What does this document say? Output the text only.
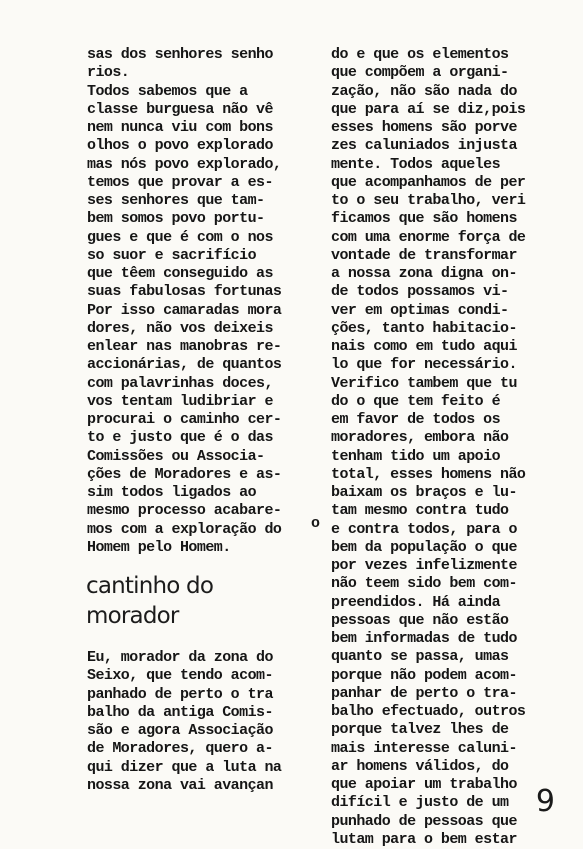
sas dos senhores senho
rios.
Todos sabemos que a
classe burguesa não vê
nem nunca viu com bons
olhos o povo explorado
mas nós povo explorado,
temos que provar a es-
ses senhores que tam-
bem somos povo portu-
gues e que é com o nos
so suor e sacrifício
que têem conseguido as
suas fabulosas fortunas
Por isso camaradas mora
dores, não vos deixeis
enlear nas manobras re-
accionárias, de quantos
com palavrinhas doces,
vos tentam ludibriar e
procurai o caminho cer-
to e justo que é o das
Comissões ou Associa-
ções de Moradores e as-
sim todos ligados ao
mesmo processo acabare-
mos com a exploração do
Homem pelo Homem.
o
cantinho do
morador
Eu, morador da zona do
Seixo, que tendo acom-
panhado de perto o tra
balho da antiga Comis-
são e agora Associação
de Moradores, quero a-
qui dizer que a luta na
nossa zona vai avançan
do e que os elementos
que compõem a organi-
zação, não são nada do
que para aí se diz,pois
esses homens são porve
zes caluniados injusta
mente. Todos aqueles
que acompanhamos de per
to o seu trabalho, veri
ficamos que são homens
com uma enorme força de
vontade de transformar
a nossa zona digna on-
de todos possamos vi-
ver em optimas condi-
ções, tanto habitacio-
nais como em tudo aqui
lo que for necessário.
Verifico tambem que tu
do o que tem feito é
em favor de todos os
moradores, embora não
tenham tido um apoio
total, esses homens não
baixam os braços e lu-
tam mesmo contra tudo
e contra todos, para o
bem da população o que
por vezes infelizmente
não teem sido bem com-
preendidos. Há ainda
pessoas que não estão
bem informadas de tudo
quanto se passa, umas
porque não podem acom-
panhar de perto o tra-
balho efectuado, outros
porque talvez lhes de
mais interesse caluni-
ar homens válidos, do
que apoiar um trabalho
difícil e justo de um
punhado de pessoas que
lutam para o bem estar
9
